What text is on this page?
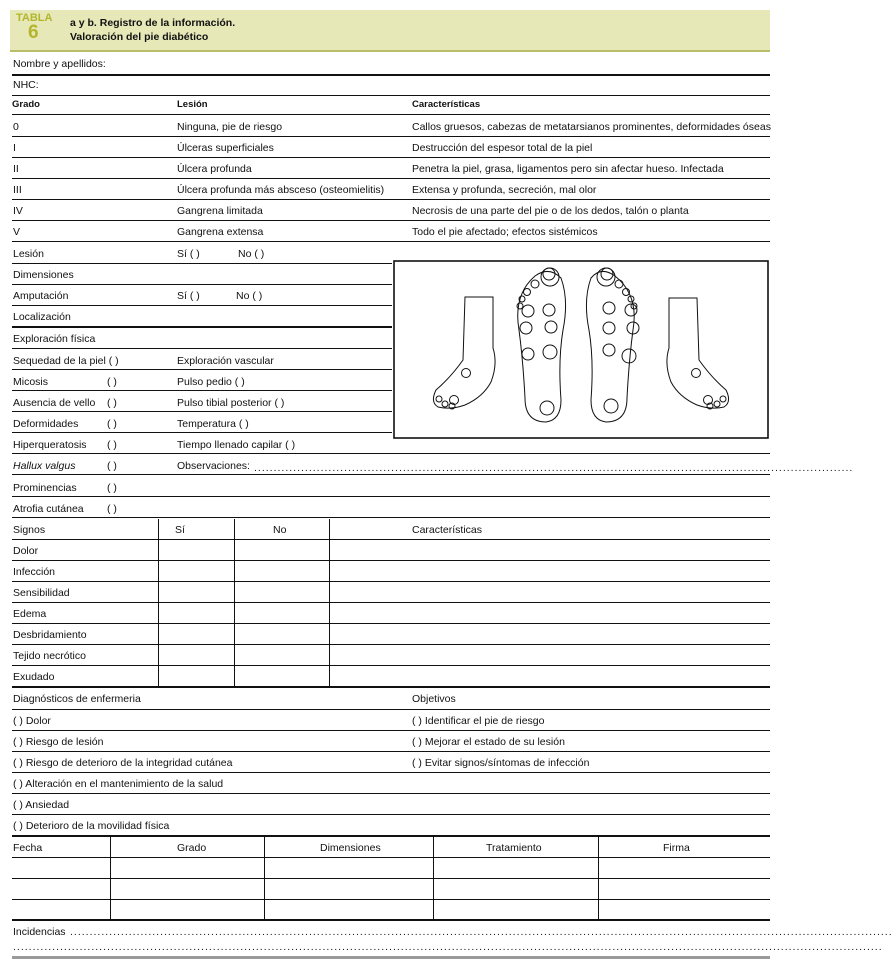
TABLA
6	a y b. Registro de la información.
Valoración del pie diabético
Nombre y apellidos:
NHC:
Grado	Lesión	Características
Lesión	Sí ( )	No ( )
Dimensiones
Amputación	Sí ( )	No ( )
Localización
Exploración física
.........................................................................................................................................................
Signos	Sí	No	Características
Diagnósticos de enfermeria	Objetivos
Fecha	Grado	Dimensiones	Tratamiento	Firma
Incidencias ..................................................................................................................................................................................................................
..............................................................................................................................................................................................................................
0	Ninguna, pie de riesgo	Callos gruesos, cabezas de metatarsianos prominentes, deformidades óseas
I	Úlceras superficiales	Destrucción del espesor total de la piel
II	Úlcera profunda	Penetra la piel, grasa, ligamentos pero sin afectar hueso. Infectada
III	Úlcera profunda más absceso (osteomielitis)	Extensa y profunda, secreción, mal olor
IV	Gangrena limitada	Necrosis de una parte del pie o de los dedos, talón o planta
V	Gangrena extensa	Todo el pie afectado; efectos sistémicos
Sequedad de la piel ( )	Exploración vascular
Micosis	( )	Pulso pedio ( )
Ausencia de vello ( )	Pulso tibial posterior ( )
Deformidades	( )	Temperatura ( )
Hiperqueratosis ( )	Tiempo llenado capilar ( )
Hallux valgus	( )	Observaciones:
Prominencias	( )
Atrofia cutánea ( )
Dolor
Infección
Sensibilidad
Edema
Desbridamiento
Tejido necrótico
Exudado
( ) Dolor	( ) Identificar el pie de riesgo
( ) Riesgo de lesión	( ) Mejorar el estado de su lesión
( ) Riesgo de deterioro de la integridad cutánea	( ) Evitar signos/síntomas de infección
( ) Alteración en el mantenimiento de la salud
( ) Ansiedad
( ) Deterioro de la movilidad física
